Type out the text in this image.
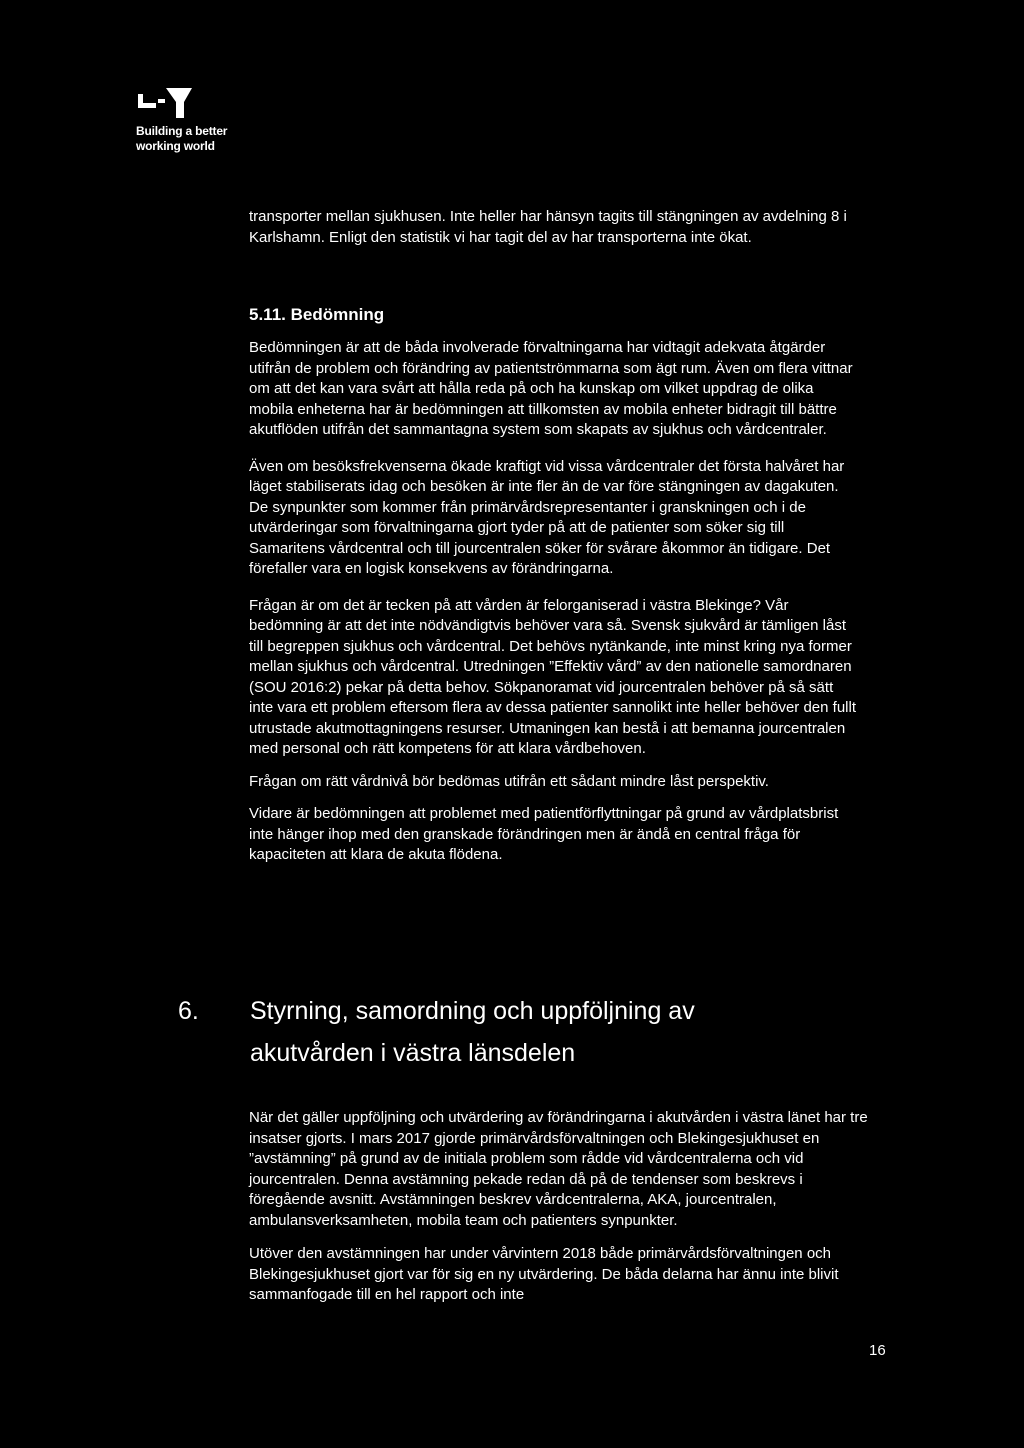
Building a better
working world

transporter mellan sjukhusen. Inte heller har hänsyn tagits till stängningen av avdelning 8 i Karlshamn. Enligt den statistik vi har tagit del av har transporterna inte ökat.

5.11. Bedömning

Bedömningen är att de båda involverade förvaltningarna har vidtagit adekvata åtgärder utifrån de problem och förändring av patientströmmarna som ägt rum. Även om flera vittnar om att det kan vara svårt att hålla reda på och ha kunskap om vilket uppdrag de olika mobila enheterna har är bedömningen att tillkomsten av mobila enheter bidragit till bättre akutflöden utifrån det sammantagna system som skapats av sjukhus och vårdcentraler.

Även om besöksfrekvenserna ökade kraftigt vid vissa vårdcentraler det första halvåret har läget stabiliserats idag och besöken är inte fler än de var före stängningen av dagakuten. De synpunkter som kommer från primärvårdsrepresentanter i granskningen och i de utvärderingar som förvaltningarna gjort tyder på att de patienter som söker sig till Samaritens vårdcentral och till jourcentralen söker för svårare åkommor än tidigare. Det förefaller vara en logisk konsekvens av förändringarna.

Frågan är om det är tecken på att vården är felorganiserad i västra Blekinge? Vår bedömning är att det inte nödvändigtvis behöver vara så. Svensk sjukvård är tämligen låst till begreppen sjukhus och vårdcentral. Det behövs nytänkande, inte minst kring nya former mellan sjukhus och vårdcentral. Utredningen ”Effektiv vård” av den nationelle samordnaren (SOU 2016:2) pekar på detta behov. Sökpanoramat vid jourcentralen behöver på så sätt inte vara ett problem eftersom flera av dessa patienter sannolikt inte heller behöver den fullt utrustade akutmottagningens resurser. Utmaningen kan bestå i att bemanna jourcentralen med personal och rätt kompetens för att klara vårdbehoven.

Frågan om rätt vårdnivå bör bedömas utifrån ett sådant mindre låst perspektiv.

Vidare är bedömningen att problemet med patientförflyttningar på grund av vårdplatsbrist inte hänger ihop med den granskade förändringen men är ändå en central fråga för kapaciteten att klara de akuta flödena.

6. Styrning, samordning och uppföljning av
akutvården i västra länsdelen

När det gäller uppföljning och utvärdering av förändringarna i akutvården i västra länet har tre insatser gjorts. I mars 2017 gjorde primärvårdsförvaltningen och Blekingesjukhuset en ”avstämning” på grund av de initiala problem som rådde vid vårdcentralerna och vid jourcentralen. Denna avstämning pekade redan då på de tendenser som beskrevs i föregående avsnitt. Avstämningen beskrev vårdcentralerna, AKA, jourcentralen, ambulansverksamheten, mobila team och patienters synpunkter.

Utöver den avstämningen har under vårvintern 2018 både primärvårdsförvaltningen och Blekingesjukhuset gjort var för sig en ny utvärdering. De båda delarna har ännu inte blivit sammanfogade till en hel rapport och inte

16
